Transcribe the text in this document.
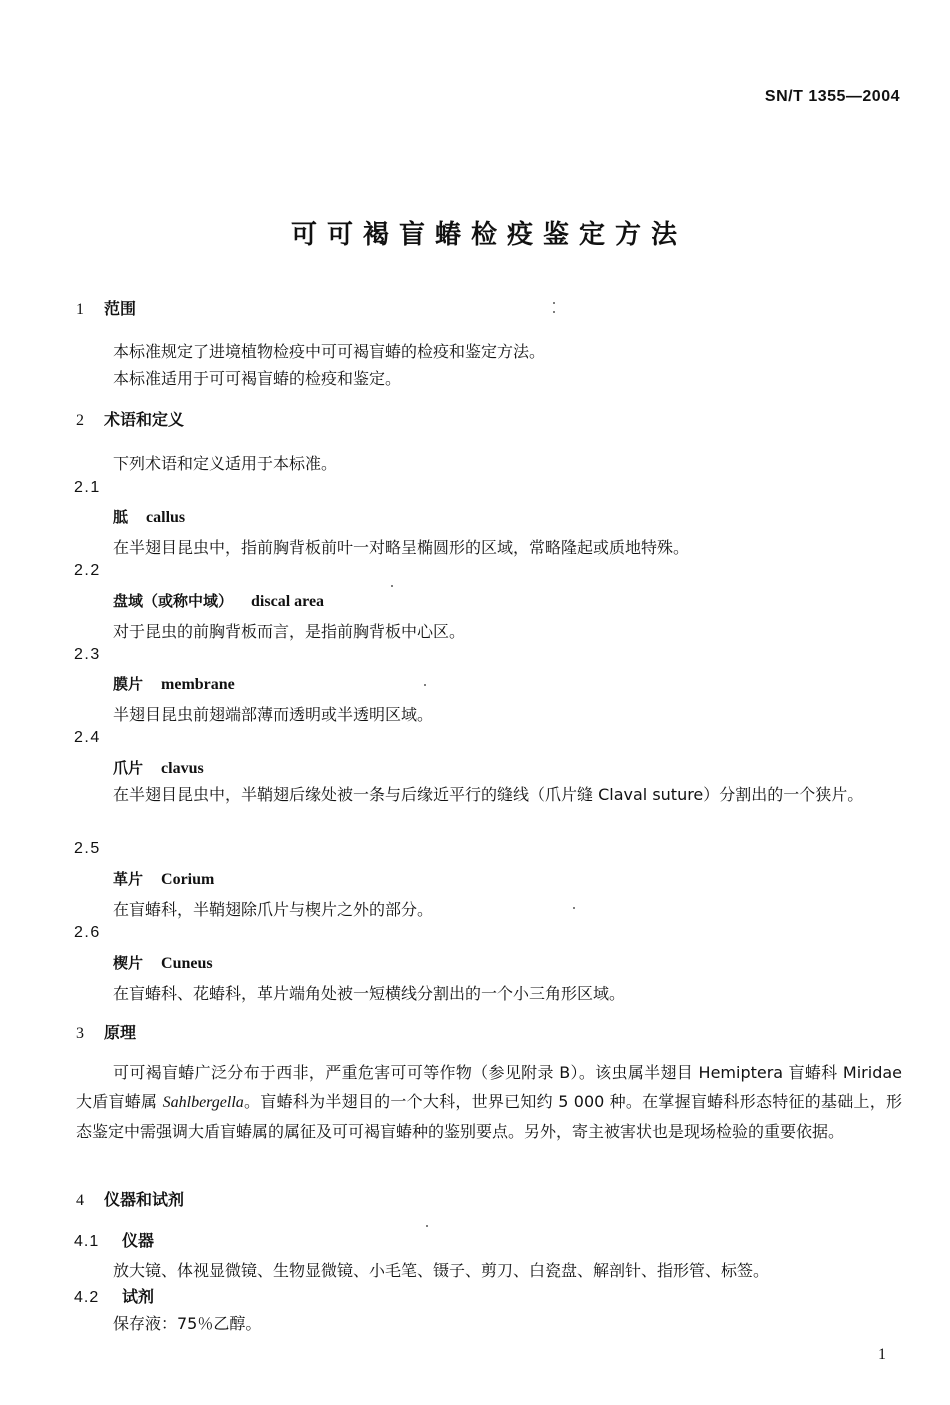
SN/T 1355—2004
可可褐盲蝽检疫鉴定方法
1 范围
本标准规定了进境植物检疫中可可褐盲蝽的检疫和鉴定方法。
本标准适用于可可褐盲蝽的检疫和鉴定。
2 术语和定义
下列术语和定义适用于本标准。
2.1
胝 callus
在半翅目昆虫中，指前胸背板前叶一对略呈椭圆形的区域，常略隆起或质地特殊。
2.2
盘域（或称中域） discal area
对于昆虫的前胸背板而言，是指前胸背板中心区。
2.3
膜片 membrane
半翅目昆虫前翅端部薄而透明或半透明区域。
2.4
爪片 clavus
在半翅目昆虫中，半鞘翅后缘处被一条与后缘近平行的缝线（爪片缝 Claval suture）分割出的一个狭片。
2.5
革片 Corium
在盲蝽科，半鞘翅除爪片与楔片之外的部分。
2.6
楔片 Cuneus
在盲蝽科、花蝽科，革片端角处被一短横线分割出的一个小三角形区域。
3 原理
可可褐盲蝽广泛分布于西非，严重危害可可等作物（参见附录 B）。该虫属半翅目 Hemiptera 盲蝽科 Miridae 大盾盲蝽属 Sahlbergella。盲蝽科为半翅目的一个大科，世界已知约 5 000 种。在掌握盲蝽科形态特征的基础上，形态鉴定中需强调大盾盲蝽属的属征及可可褐盲蝽种的鉴别要点。另外，寄主被害状也是现场检验的重要依据。
4 仪器和试剂
4.1 仪器
放大镜、体视显微镜、生物显微镜、小毛笔、镊子、剪刀、白瓷盘、解剖针、指形管、标签。
4.2 试剂
保存液：75％乙醇。
1
